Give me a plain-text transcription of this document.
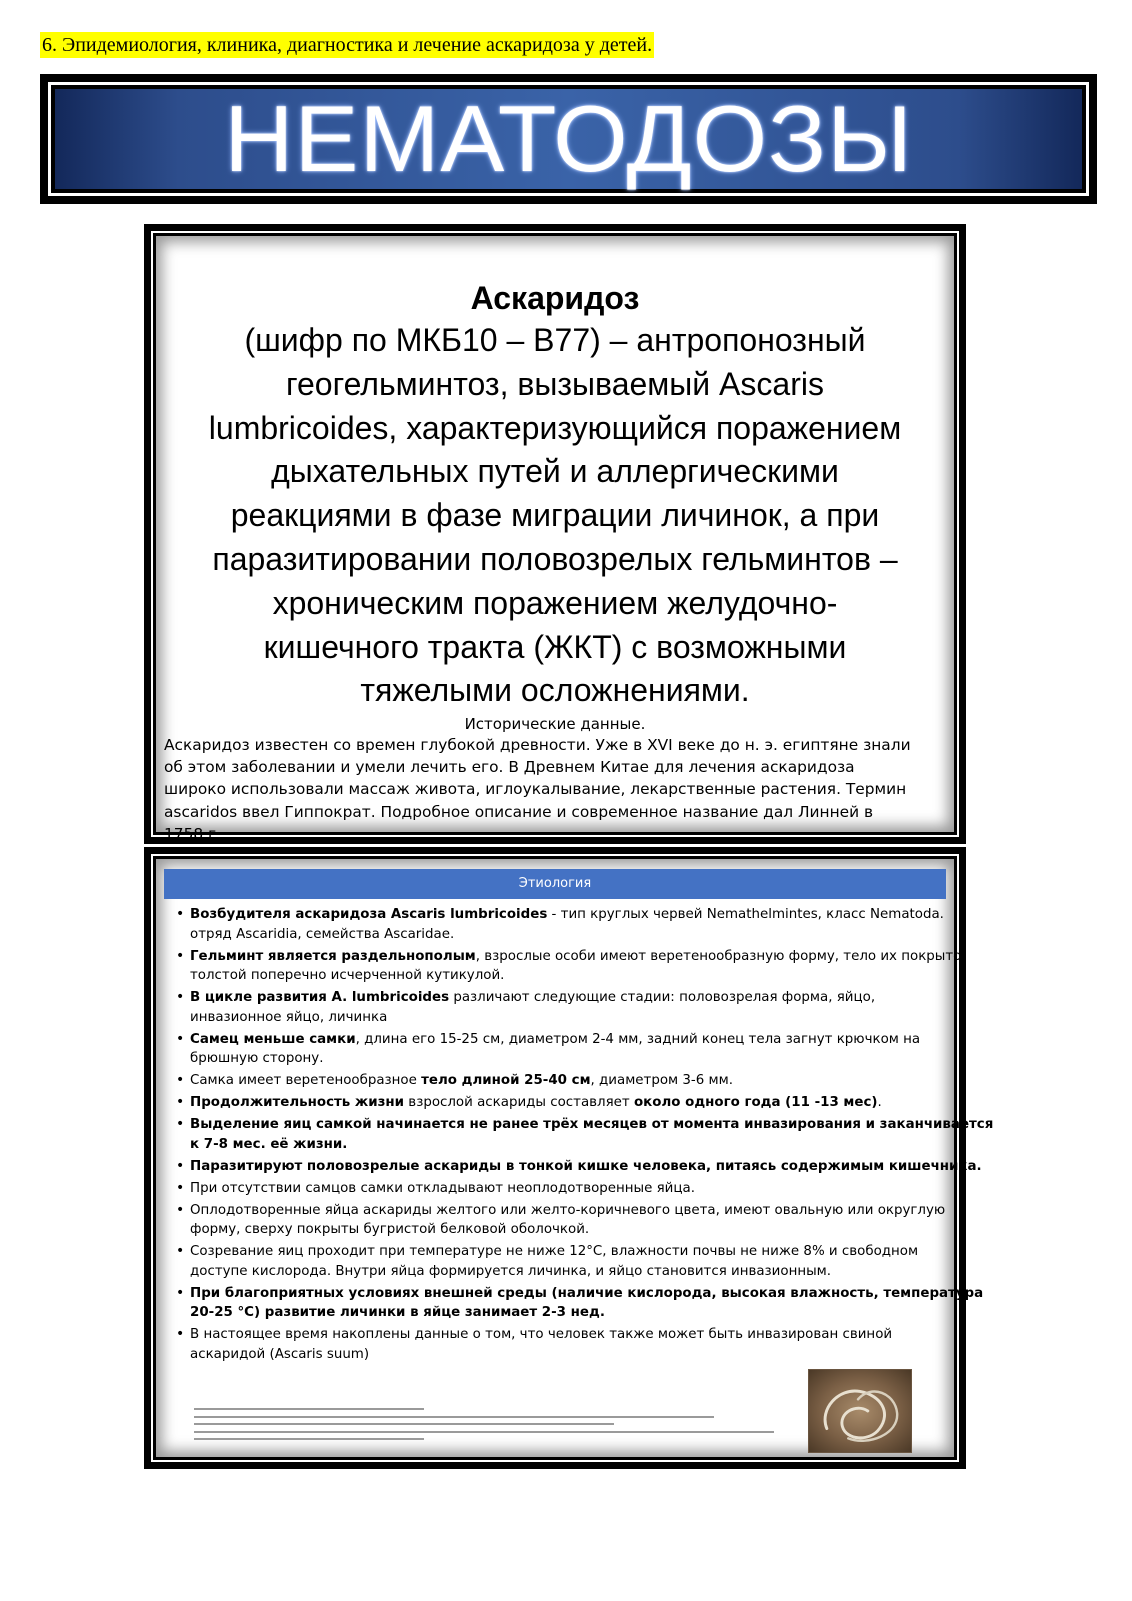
6. Эпидемиология, клиника, диагностика и лечение аскаридоза у детей.
НЕМАТОДОЗЫ
Аскаридоз
(шифр по МКБ10 – B77) – антропонозный
геогельминтоз, вызываемый Ascaris
lumbricoides, характеризующийся поражением
дыхательных путей и аллергическими
реакциями в фазе миграции личинок, а при
паразитировании половозрелых гельминтов –
хроническим поражением желудочно-
кишечного тракта (ЖКТ) с возможными
тяжелыми осложнениями.
Исторические данные.
Аскаридоз известен со времен глубокой древности. Уже в XVI веке до н. э. египтяне знали
об этом заболевании и умели лечить его. В Древнем Китае для лечения аскаридоза
широко использовали массаж живота, иглоукалывание, лекарственные растения. Термин
ascaridos ввел Гиппократ. Подробное описание и современное название дал Линней в
1758 г.
Этиология
• Возбудителя аскаридоза Ascaris lumbricoides - тип круглых червей Nemathelmintes, класс Nematoda.
отряд Ascaridia, семейства Ascaridae.
• Гельминт является раздельнополым, взрослые особи имеют веретенообразную форму, тело их покрыто
толстой поперечно исчерченной кутикулой.
• В цикле развития A. lumbricoides различают следующие стадии: половозрелая форма, яйцо,
инвазионное яйцо, личинка
• Самец меньше самки, длина его 15-25 см, диаметром 2-4 мм, задний конец тела загнут крючком на
брюшную сторону.
• Самка имеет веретенообразное тело длиной 25-40 см, диаметром 3-6 мм.
• Продолжительность жизни взрослой аскариды составляет около одного года (11 -13 мес).
• Выделение яиц самкой начинается не ранее трёх месяцев от момента инвазирования и заканчивается
к 7-8 мес. её жизни.
• Паразитируют половозрелые аскариды в тонкой кишке человека, питаясь содержимым кишечника.
• При отсутствии самцов самки откладывают неоплодотворенные яйца.
• Оплодотворенные яйца аскариды желтого или желто-коричневого цвета, имеют овальную или округлую
форму, сверху покрыты бугристой белковой оболочкой.
• Созревание яиц проходит при температуре не ниже 12°С, влажности почвы не ниже 8% и свободном
доступе кислорода. Внутри яйца формируется личинка, и яйцо становится инвазионным.
• При благоприятных условиях внешней среды (наличие кислорода, высокая влажность, температура
20-25 °С) развитие личинки в яйце занимает 2-3 нед.
• В настоящее время накоплены данные о том, что человек также может быть инвазирован свиной
аскаридой (Ascaris suum)
